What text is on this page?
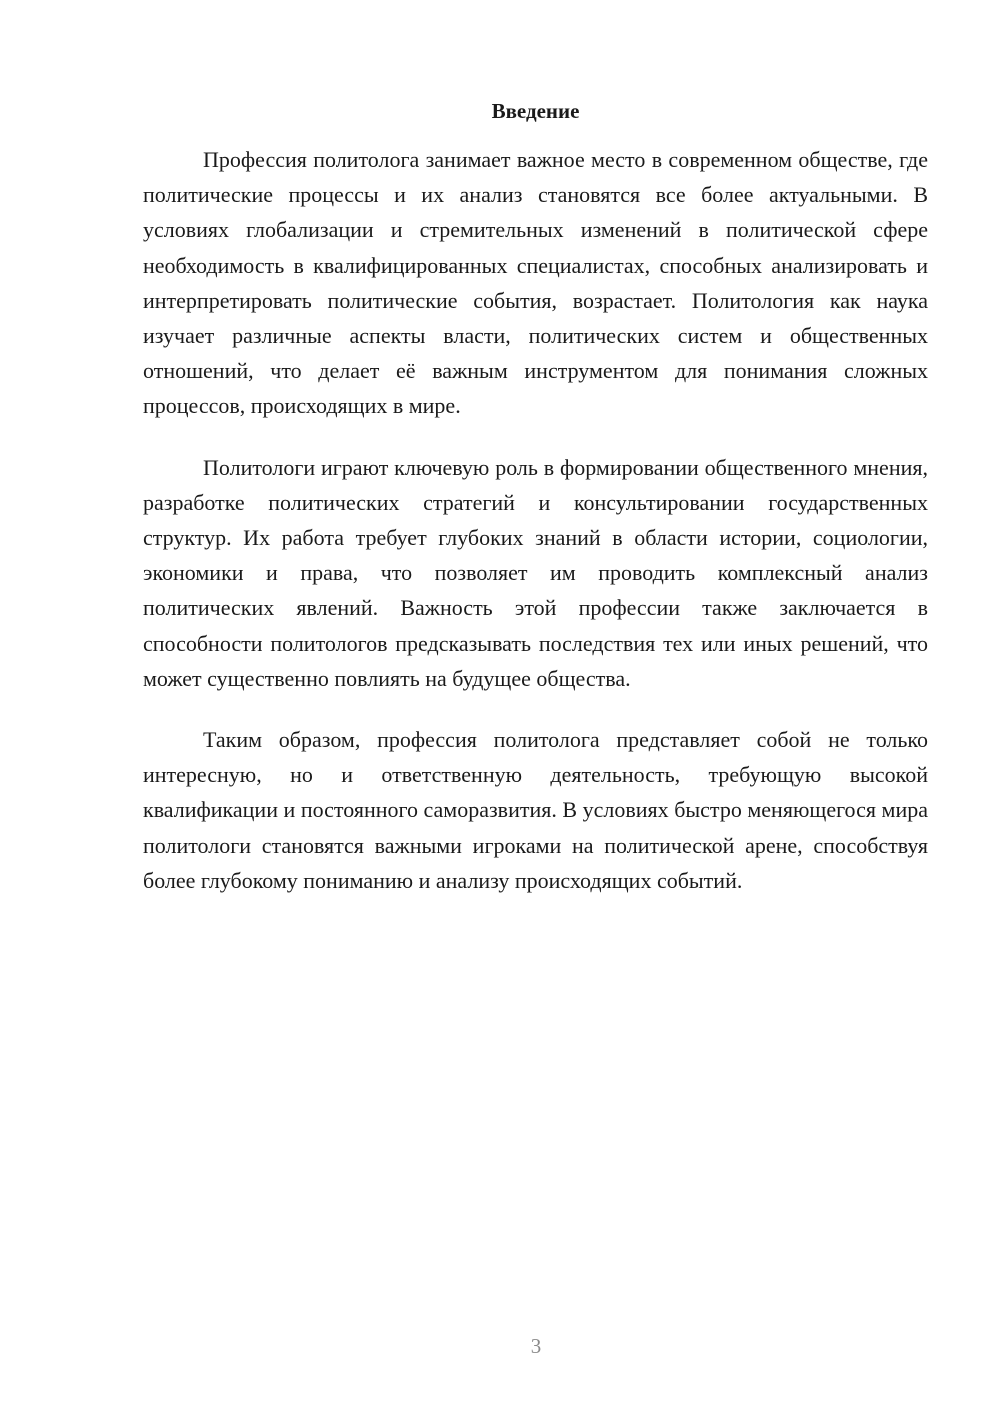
Введение

Профессия политолога занимает важное место в современном обществе, где политические процессы и их анализ становятся все более актуальными. В условиях глобализации и стремительных изменений в политической сфере необходимость в квалифицированных специалистах, способных анализировать и интерпретировать политические события, возрастает. Политология как наука изучает различные аспекты власти, политических систем и общественных отношений, что делает её важным инструментом для понимания сложных процессов, происходящих в мире.

Политологи играют ключевую роль в формировании общественного мнения, разработке политических стратегий и консультировании государственных структур. Их работа требует глубоких знаний в области истории, социологии, экономики и права, что позволяет им проводить комплексный анализ политических явлений. Важность этой профессии также заключается в способности политологов предсказывать последствия тех или иных решений, что может существенно повлиять на будущее общества.

Таким образом, профессия политолога представляет собой не только интересную, но и ответственную деятельность, требующую высокой квалификации и постоянного саморазвития. В условиях быстро меняющегося мира политологи становятся важными игроками на политической арене, способствуя более глубокому пониманию и анализу происходящих событий.

3
